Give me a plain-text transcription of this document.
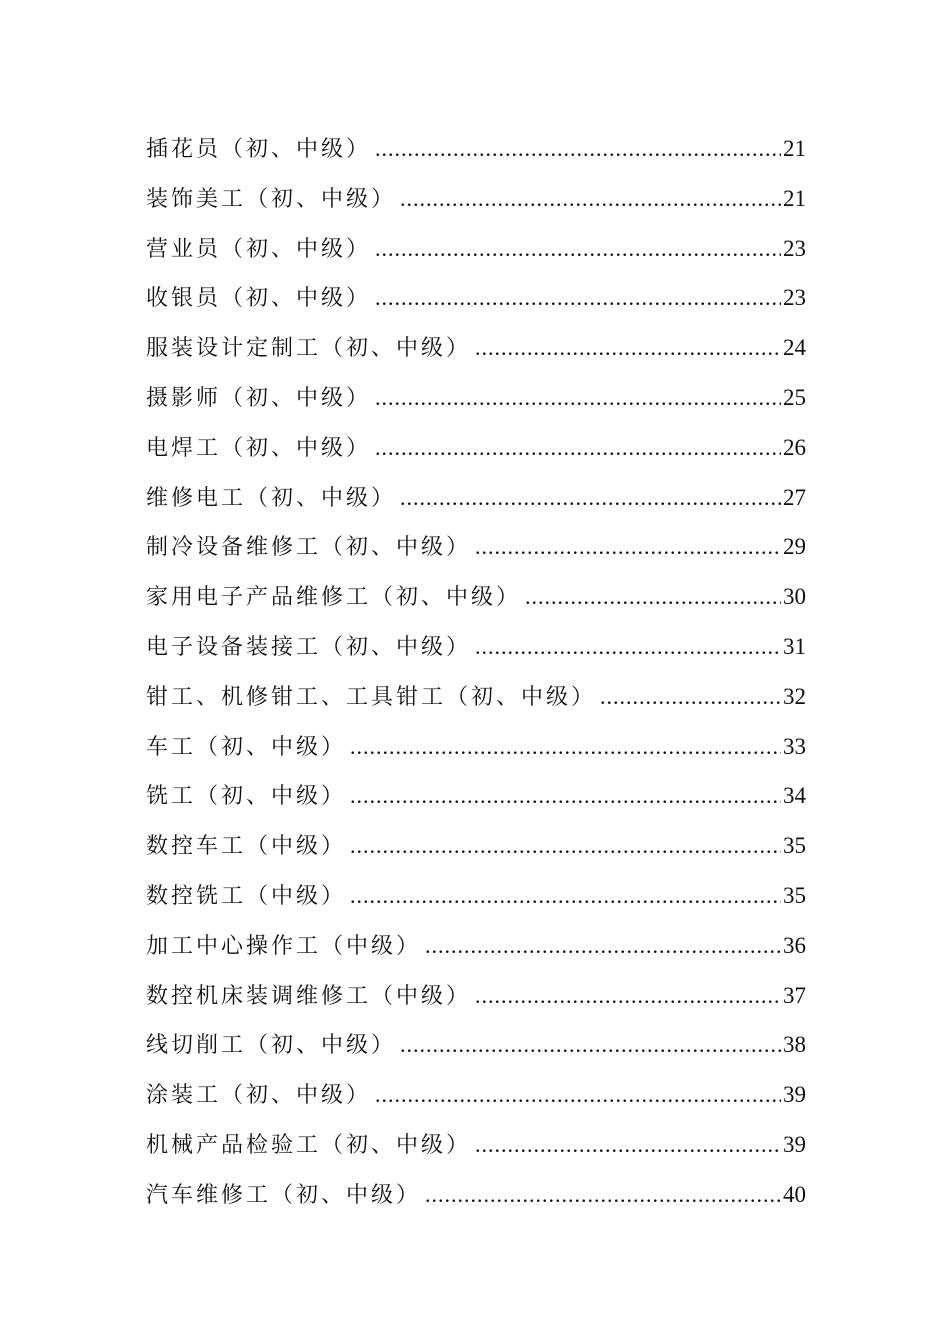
插花员（初、中级） .....	21
装饰美工（初、中级） .....	21
营业员（初、中级） .....	23
收银员（初、中级） .....	23
服装设计定制工（初、中级） .....	24
摄影师（初、中级） .....	25
电焊工（初、中级） .....	26
维修电工（初、中级） .....	27
制冷设备维修工（初、中级） .....	29
家用电子产品维修工（初、中级） .....	30
电子设备装接工（初、中级） .....	31
钳工、机修钳工、工具钳工（初、中级） .....	32
车工（初、中级） .....	33
铣工（初、中级） .....	34
数控车工（中级） .....	35
数控铣工（中级） .....	35
加工中心操作工（中级） .....	36
数控机床装调维修工（中级） .....	37
线切削工（初、中级） .....	38
涂装工（初、中级） .....	39
机械产品检验工（初、中级） .....	39
汽车维修工（初、中级） .....	40
